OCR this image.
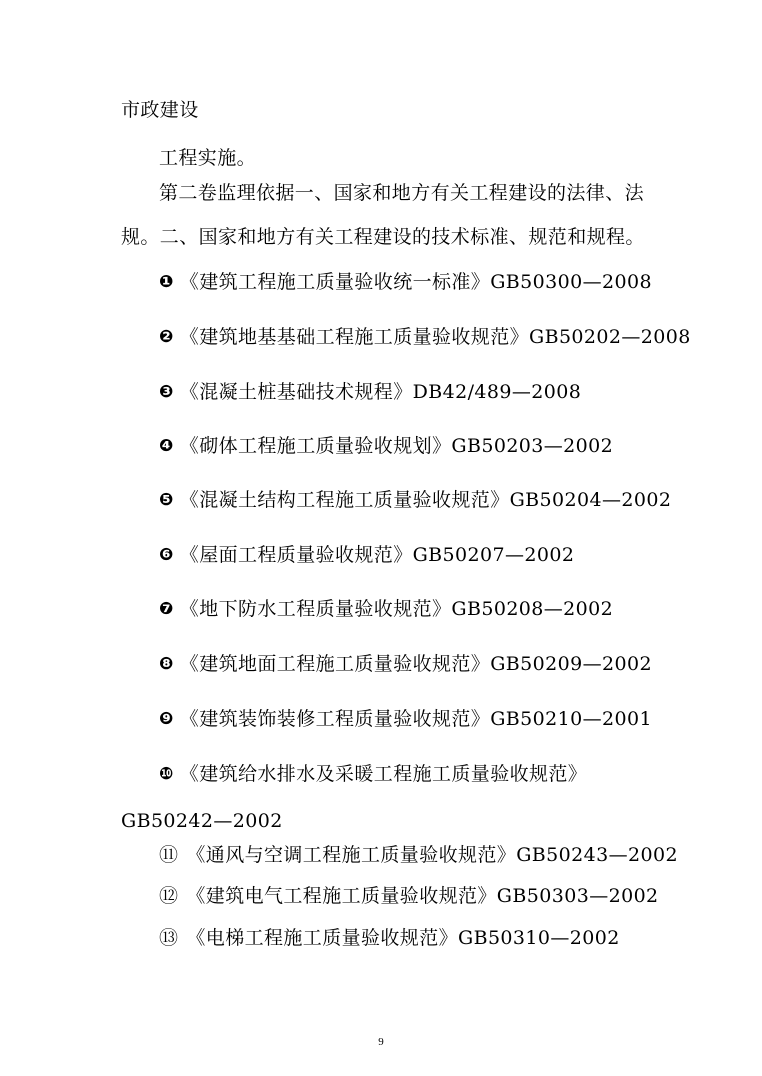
市政建设
工程实施。
第二卷监理依据一、国家和地方有关工程建设的法律、法
规。二、国家和地方有关工程建设的技术标准、规范和规程。
❶ 《建筑工程施工质量验收统一标准》GB50300—2008
❷ 《建筑地基基础工程施工质量验收规范》GB50202—2008
❸ 《混凝土桩基础技术规程》DB42/489—2008
❹ 《砌体工程施工质量验收规划》GB50203—2002
❺ 《混凝土结构工程施工质量验收规范》GB50204—2002
❻ 《屋面工程质量验收规范》GB50207—2002
❼ 《地下防水工程质量验收规范》GB50208—2002
❽ 《建筑地面工程施工质量验收规范》GB50209—2002
❾ 《建筑装饰装修工程质量验收规范》GB50210—2001
❿ 《建筑给水排水及采暖工程施工质量验收规范》
GB50242—2002
⑪ 《通风与空调工程施工质量验收规范》GB50243—2002
⑫ 《建筑电气工程施工质量验收规范》GB50303—2002
⑬ 《电梯工程施工质量验收规范》GB50310—2002
9
